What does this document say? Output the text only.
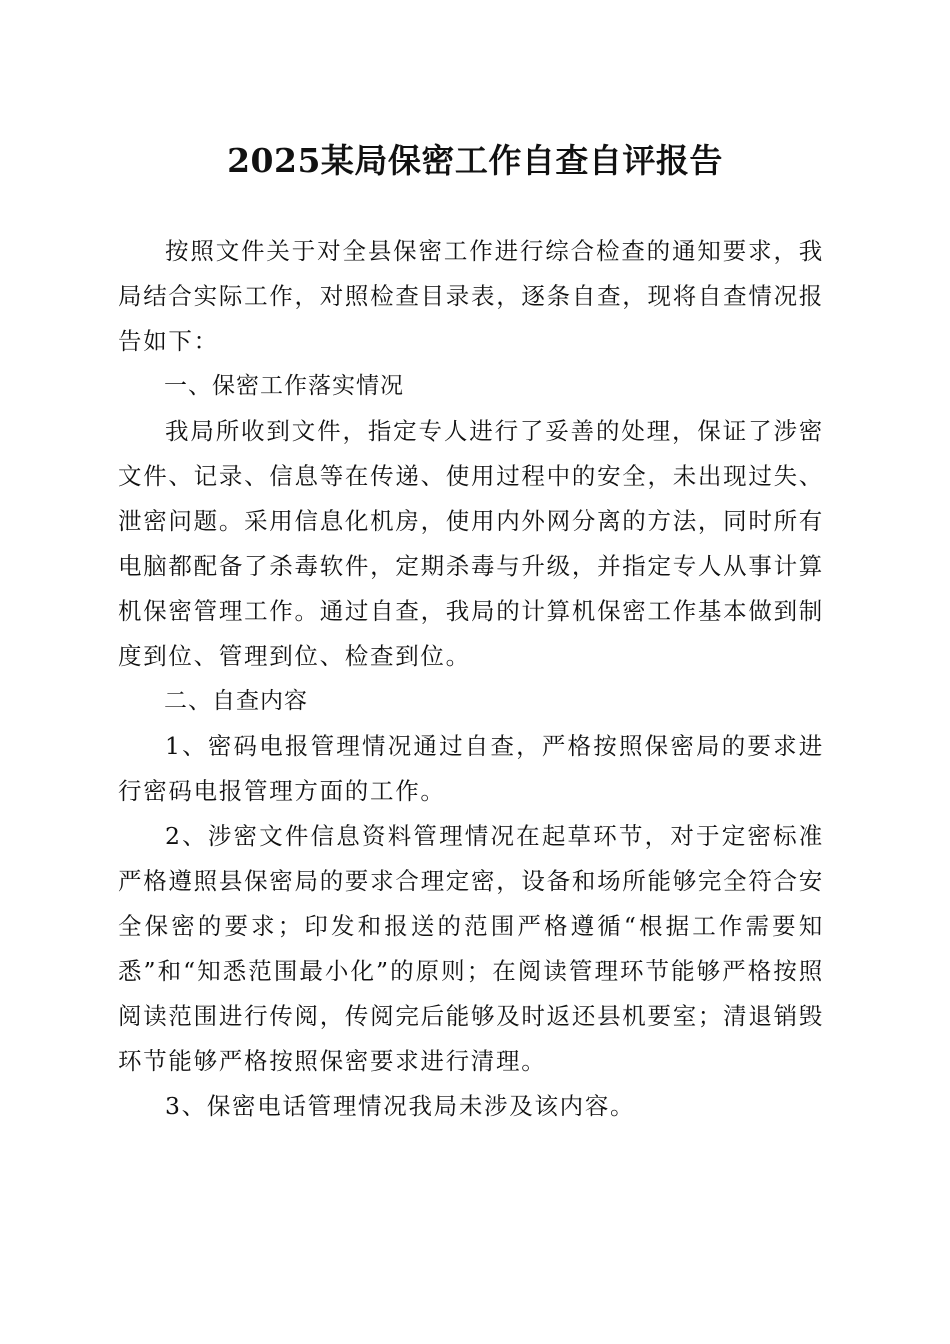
2025某局保密工作自查自评报告

按照文件关于对全县保密工作进行综合检查的通知要求，我局结合实际工作，对照检查目录表，逐条自查，现将自查情况报告如下：

一、保密工作落实情况

我局所收到文件，指定专人进行了妥善的处理，保证了涉密文件、记录、信息等在传递、使用过程中的安全，未出现过失、泄密问题。采用信息化机房，使用内外网分离的方法，同时所有电脑都配备了杀毒软件，定期杀毒与升级，并指定专人从事计算机保密管理工作。通过自查，我局的计算机保密工作基本做到制度到位、管理到位、检查到位。

二、自查内容

1、密码电报管理情况通过自查，严格按照保密局的要求进行密码电报管理方面的工作。

2、涉密文件信息资料管理情况在起草环节，对于定密标准严格遵照县保密局的要求合理定密，设备和场所能够完全符合安全保密的要求；印发和报送的范围严格遵循“根据工作需要知悉”和“知悉范围最小化”的原则；在阅读管理环节能够严格按照阅读范围进行传阅，传阅完后能够及时返还县机要室；清退销毁环节能够严格按照保密要求进行清理。

3、保密电话管理情况我局未涉及该内容。
